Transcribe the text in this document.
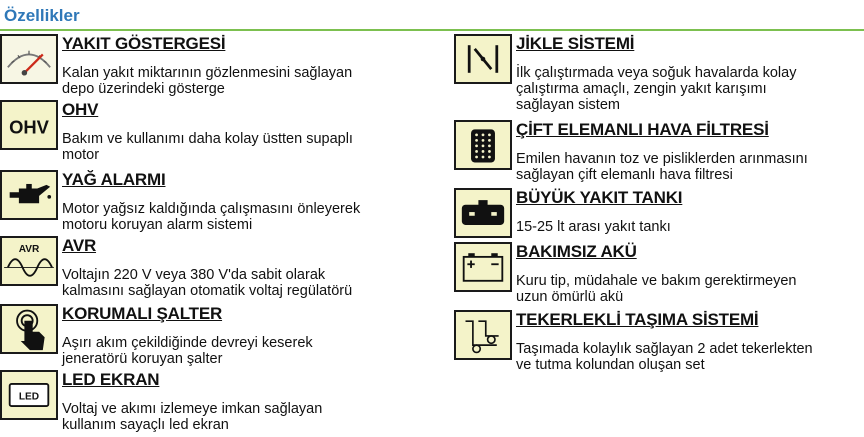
Özellikler
YAKIT GÖSTERGESİ
Kalan yakıt miktarının gözlenmesini sağlayan
depo üzerindeki gösterge
OHV
OHV
Bakım ve kullanımı daha kolay üstten supaplı
motor
YAĞ ALARMI
Motor yağsız kaldığında çalışmasını önleyerek
motoru koruyan alarm sistemi
AVR AVR
Voltajın 220 V veya 380 V'da sabit olarak
kalmasını sağlayan otomatik voltaj regülatörü
KORUMALI ŞALTER
Aşırı akım çekildiğinde devreyi keserek
jeneratörü koruyan şalter
LED
LED EKRAN
Voltaj ve akımı izlemeye imkan sağlayan
kullanım sayaçlı led ekran
JİKLE SİSTEMİ
İlk çalıştırmada veya soğuk havalarda kolay
çalıştırma amaçlı, zengin yakıt karışımı
sağlayan sistem
ÇİFT ELEMANLI HAVA FİLTRESİ
Emilen havanın toz ve pisliklerden arınmasını
sağlayan çift elemanlı hava filtresi
BÜYÜK YAKIT TANKI
15-25 lt arası yakıt tankı
BAKIMSIZ AKÜ
Kuru tip, müdahale ve bakım gerektirmeyen
uzun ömürlü akü
TEKERLEKLİ TAŞIMA SİSTEMİ
Taşımada kolaylık sağlayan 2 adet tekerlekten
ve tutma kolundan oluşan set
